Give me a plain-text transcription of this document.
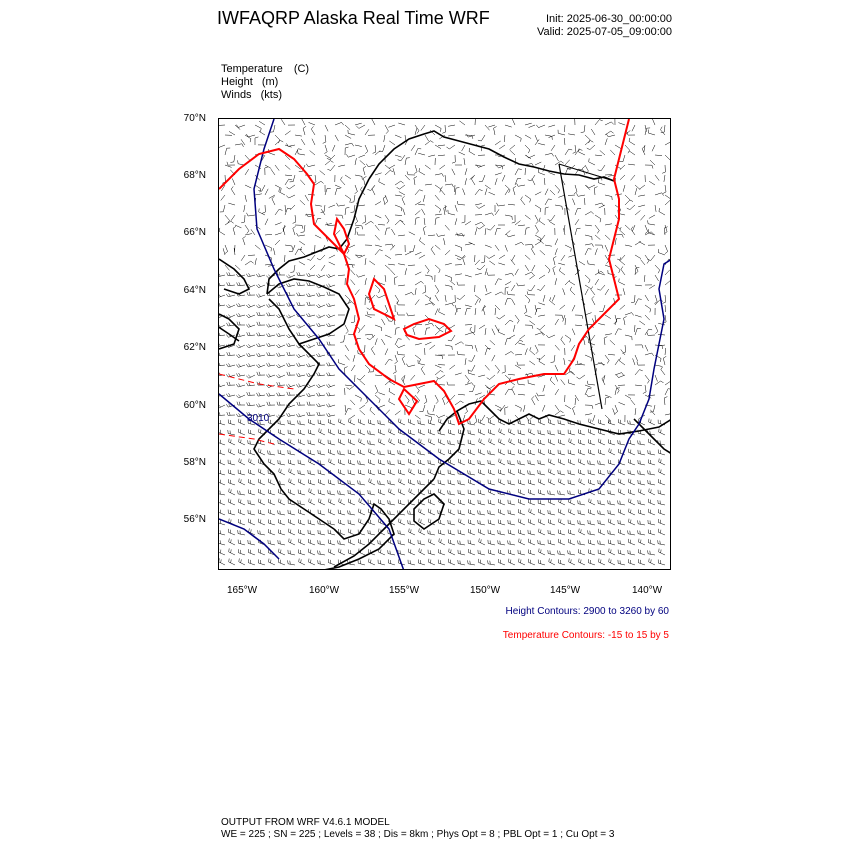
IWFAQRP Alaska Real Time WRF	Init: 2025-06-30_00:00:00
Valid: 2025-07-05_09:00:00
Temperature (C)
Height (m)
Winds (kts)
70°N
68°N
66°N
64°N
62°N
60°N
58°N
56°N
165°W	160°W	155°W	150°W	145°W	140°W
3010
Height Contours: 2900 to 3260 by 60
Temperature Contours: -15 to 15 by 5
OUTPUT FROM WRF V4.6.1 MODEL
WE = 225 ; SN = 225 ; Levels = 38 ; Dis = 8km ; Phys Opt = 8 ; PBL Opt = 1 ; Cu Opt = 3
